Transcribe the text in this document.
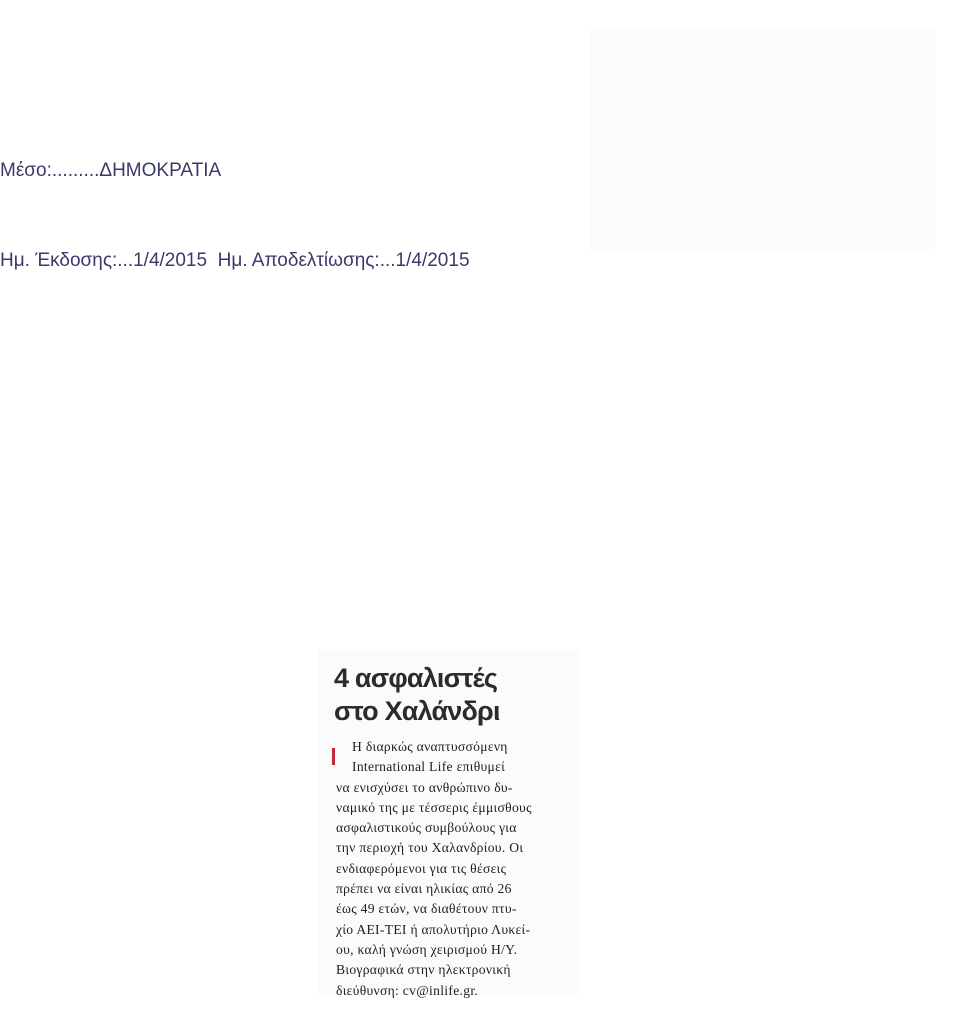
Μέσο:.........ΔΗΜΟΚΡΑΤΙΑ

Ημ. Έκδοσης:...1/4/2015  Ημ. Αποδελτίωσης:...1/4/2015

4 ασφαλιστές
στο Χαλάνδρι
Η διαρκώς αναπτυσσόμενη
International Life επιθυμεί
να ενισχύσει το ανθρώπινο δυ-
ναμικό της με τέσσερις έμμισθους
ασφαλιστικούς συμβούλους για
την περιοχή του Χαλανδρίου. Οι
ενδιαφερόμενοι για τις θέσεις
πρέπει να είναι ηλικίας από 26
έως 49 ετών, να διαθέτουν πτυ-
χίο ΑΕΙ-ΤΕΙ ή απολυτήριο Λυκεί-
ου, καλή γνώση χειρισμού Η/Υ.
Βιογραφικά στην ηλεκτρονική
διεύθυνση: cv@inlife.gr.
